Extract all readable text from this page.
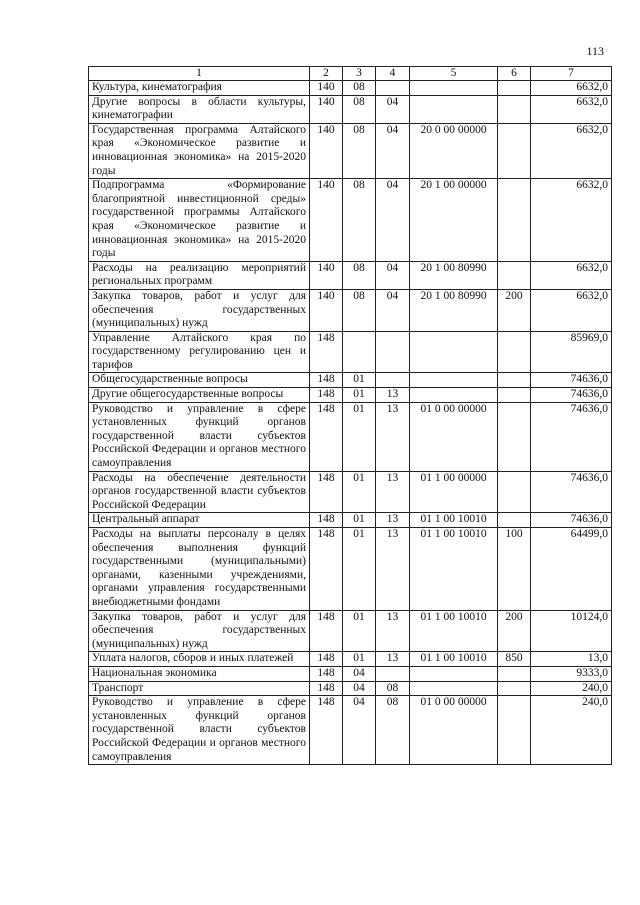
113
1	2	3	4	5	6	7
Культура, кинематография	140	08				6632,0
Другие вопросы в области культуры, кинематографии	140	08	04			6632,0
Государственная программа Алтайского края «Экономическое развитие и инновационная экономика» на 2015-2020 годы	140	08	04	20 0 00 00000		6632,0
Подпрограмма «Формирование благоприятной инвестиционной среды» государственной программы Алтайского края «Экономическое развитие и инновационная экономика» на 2015-2020 годы	140	08	04	20 1 00 00000		6632,0
Расходы на реализацию мероприятий региональных программ	140	08	04	20 1 00 80990		6632,0
Закупка товаров, работ и услуг для обеспечения государственных (муниципальных) нужд	140	08	04	20 1 00 80990	200	6632,0
Управление Алтайского края по государственному регулированию цен и тарифов	148					85969,0
Общегосударственные вопросы	148	01				74636,0
Другие общегосударственные вопросы	148	01	13			74636,0
Руководство и управление в сфере установленных функций органов государственной власти субъектов Российской Федерации и органов местного самоуправления	148	01	13	01 0 00 00000		74636,0
Расходы на обеспечение деятельности органов государственной власти субъектов Российской Федерации	148	01	13	01 1 00 00000		74636,0
Центральный аппарат	148	01	13	01 1 00 10010		74636,0
Расходы на выплаты персоналу в целях обеспечения выполнения функций государственными (муниципальными) органами, казенными учреждениями, органами управления государственными внебюджетными фондами	148	01	13	01 1 00 10010	100	64499,0
Закупка товаров, работ и услуг для обеспечения государственных (муниципальных) нужд	148	01	13	01 1 00 10010	200	10124,0
Уплата налогов, сборов и иных платежей	148	01	13	01 1 00 10010	850	13,0
Национальная экономика	148	04				9333,0
Транспорт	148	04	08			240,0
Руководство и управление в сфере установленных функций органов государственной власти субъектов Российской Федерации и органов местного самоуправления	148	04	08	01 0 00 00000		240,0
